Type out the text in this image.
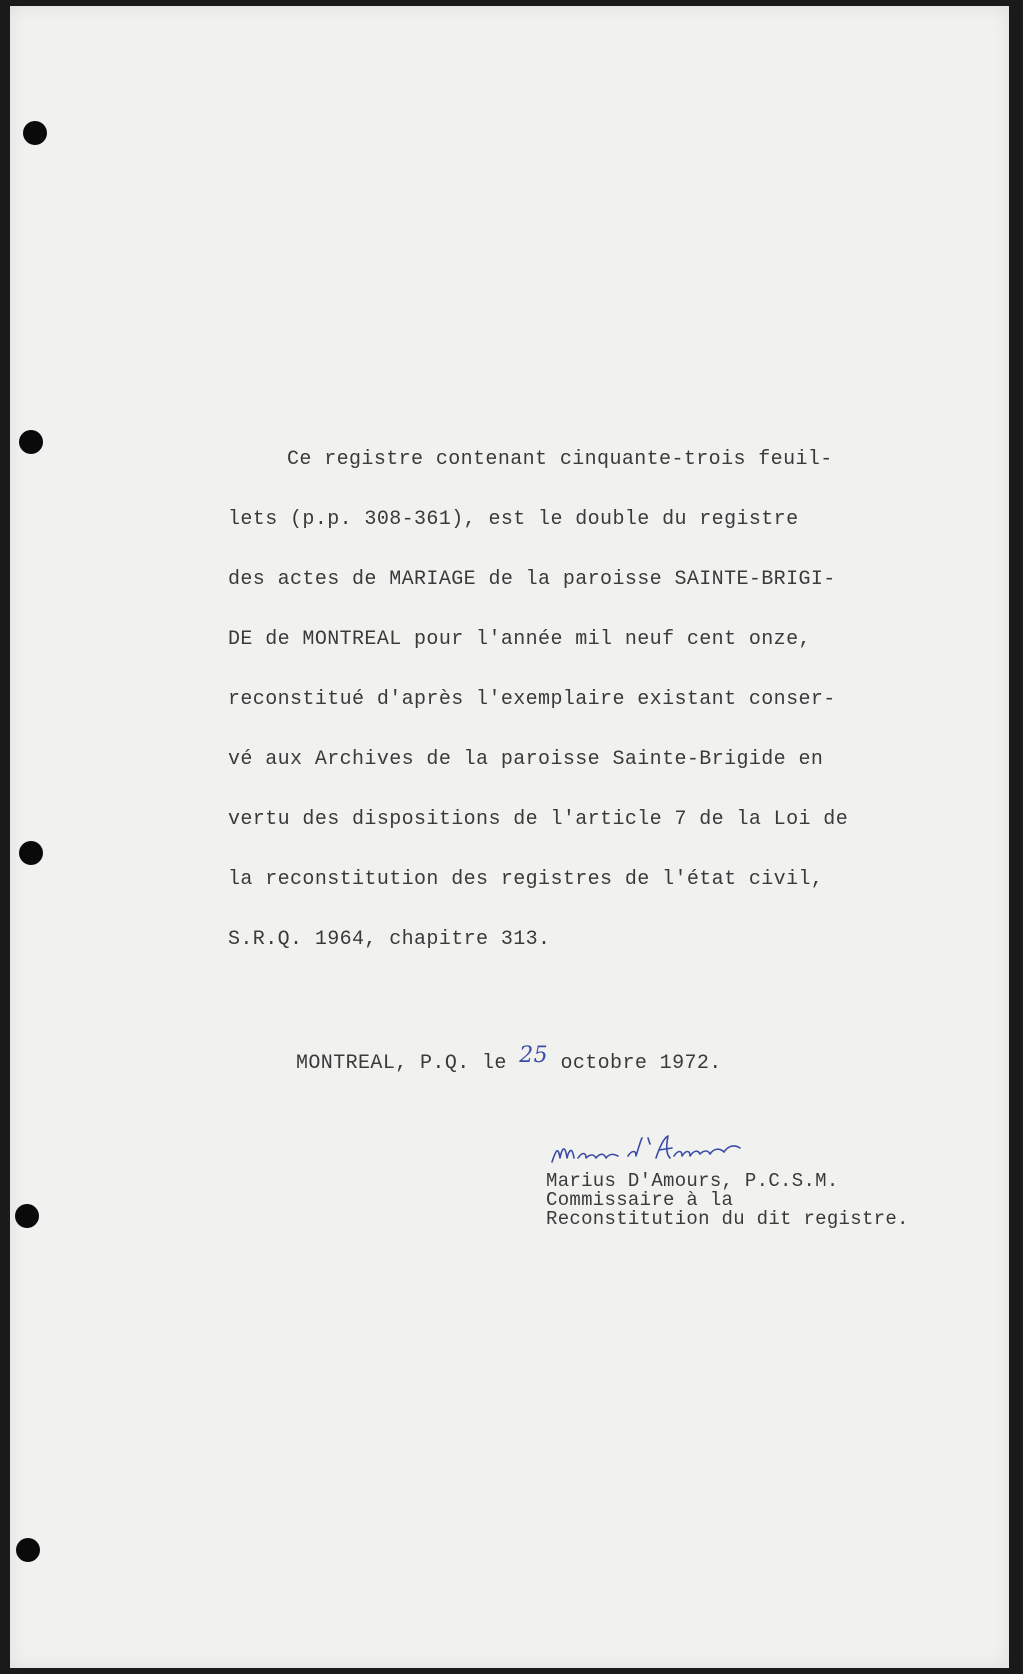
Ce registre contenant cinquante-trois feuil-
lets (p.p. 308-361), est le double du registre
des actes de MARIAGE de la paroisse SAINTE-BRIGI-
DE de MONTREAL pour l'année mil neuf cent onze,
reconstitué d'après l'exemplaire existant conser-
vé aux Archives de la paroisse Sainte-Brigide en
vertu des dispositions de l'article 7 de la Loi de
la reconstitution des registres de l'état civil,
S.R.Q. 1964, chapitre 313.
MONTREAL, P.Q. le 25 octobre 1972.
Marius D'Amours, P.C.S.M.
Commissaire à la
Reconstitution du dit registre.
